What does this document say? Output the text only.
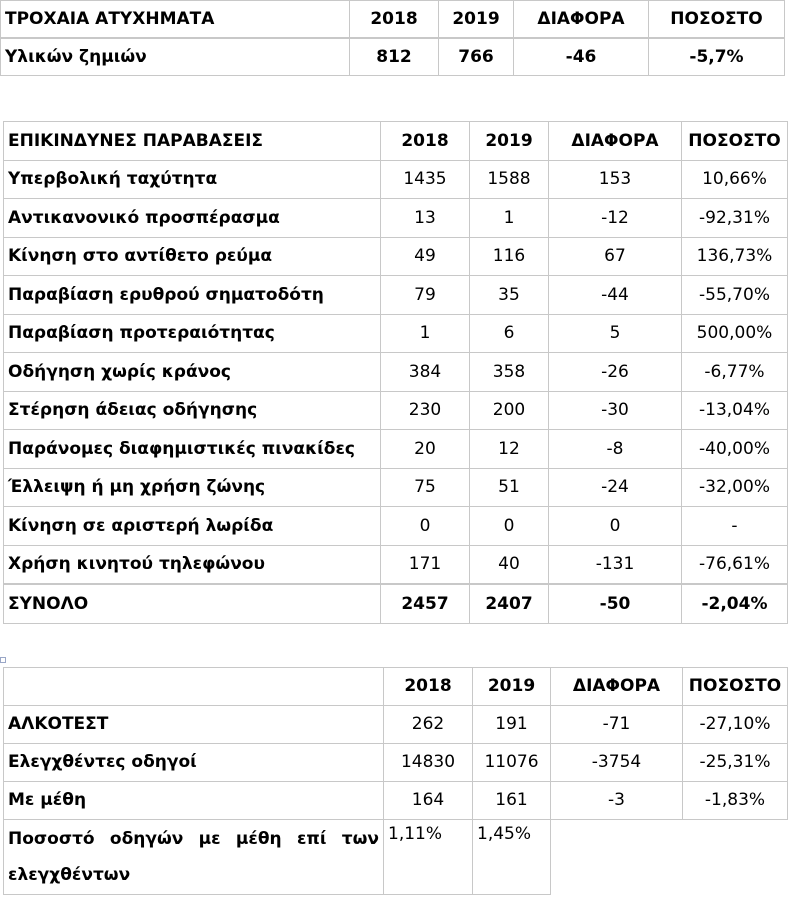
ΤΡΟΧΑΙΑ ΑΤΥΧΗΜΑΤΑ	2018	2019	ΔΙΑΦΟΡΑ	ΠΟΣΟΣΤΟ
Υλικών ζημιών	812	766	-46	-5,7%
ΕΠΙΚΙΝΔΥΝΕΣ ΠΑΡΑΒΑΣΕΙΣ	2018	2019	ΔΙΑΦΟΡΑ	ΠΟΣΟΣΤΟ
Υπερβολική ταχύτητα	1435	1588	153	10,66%
Αντικανονικό προσπέρασμα	13	1	-12	-92,31%
Κίνηση στο αντίθετο ρεύμα	49	116	67	136,73%
Παραβίαση ερυθρού σηματοδότη	79	35	-44	-55,70%
Παραβίαση προτεραιότητας	1	6	5	500,00%
Οδήγηση χωρίς κράνος	384	358	-26	-6,77%
Στέρηση άδειας οδήγησης	230	200	-30	-13,04%
Παράνομες διαφημιστικές πινακίδες	20	12	-8	-40,00%
Έλλειψη ή μη χρήση ζώνης	75	51	-24	-32,00%
Κίνηση σε αριστερή λωρίδα	0	0	0	-
Χρήση κινητού τηλεφώνου	171	40	-131	-76,61%
ΣΥΝΟΛΟ	2457	2407	-50	-2,04%
	2018	2019	ΔΙΑΦΟΡΑ	ΠΟΣΟΣΤΟ
ΑΛΚΟΤΕΣΤ	262	191	-71	-27,10%
Ελεγχθέντες οδηγοί	14830	11076	-3754	-25,31%
Με μέθη	164	161	-3	-1,83%
Ποσοστό οδηγών με μέθη επί των ελεγχθέντων	1,11%	1,45%		
